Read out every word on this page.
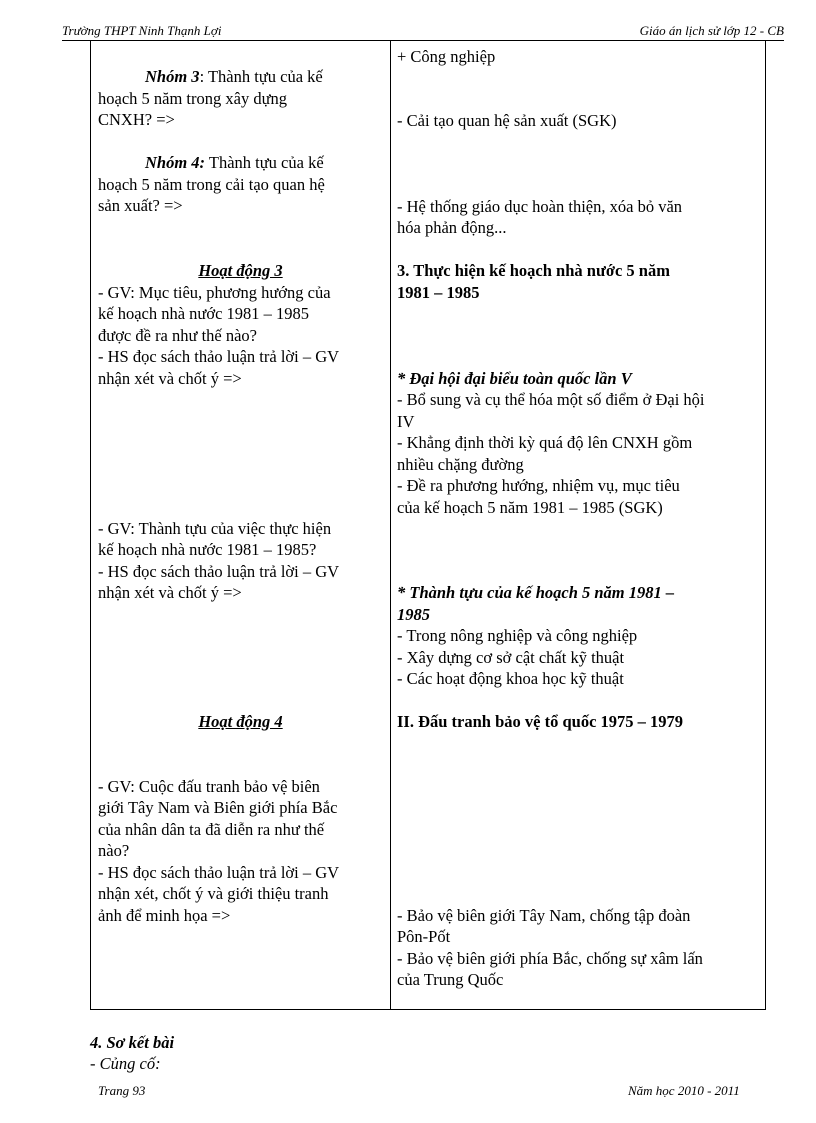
Trường THPT Ninh Thạnh Lợi	Giáo án lịch sử lớp 12 - CB
Nhóm 3: Thành tựu của kế
hoạch 5 năm trong xây dựng
CNXH? =>
Nhóm 4: Thành tựu của kế
hoạch 5 năm trong cải tạo quan hệ
sản xuất? =>
Hoạt động 3
- GV: Mục tiêu, phương hướng của
kế hoạch nhà nước 1981 – 1985
được đề ra như thế nào?
- HS đọc sách thảo luận trả lời – GV
nhận xét và chốt ý =>
- GV: Thành tựu của việc thực hiện
kế hoạch nhà nước 1981 – 1985?
- HS đọc sách thảo luận trả lời – GV
nhận xét và chốt ý =>
Hoạt động 4
- GV: Cuộc đấu tranh bảo vệ biên
giới Tây Nam và Biên giới phía Bắc
của nhân dân ta đã diễn ra như thế
nào?
- HS đọc sách thảo luận trả lời – GV
nhận xét, chốt ý và giới thiệu tranh
ảnh để minh họa =>
+ Công nghiệp
- Cải tạo quan hệ sản xuất (SGK)
- Hệ thống giáo dục hoàn thiện, xóa bỏ văn
hóa phản động...
3. Thực hiện kế hoạch nhà nước 5 năm
1981 – 1985
* Đại hội đại biểu toàn quốc lần V
- Bổ sung và cụ thể hóa một số điểm ở Đại hội
IV
- Khẳng định thời kỳ quá độ lên CNXH gồm
nhiều chặng đường
- Đề ra phương hướng, nhiệm vụ, mục tiêu
của kế hoạch 5 năm 1981 – 1985 (SGK)
* Thành tựu của kế hoạch 5 năm 1981 –
1985
- Trong nông nghiệp và công nghiệp
- Xây dựng cơ sở cật chất kỹ thuật
- Các hoạt động khoa học kỹ thuật
II. Đấu tranh bảo vệ tổ quốc 1975 – 1979
- Bảo vệ biên giới Tây Nam, chống tập đoàn
Pôn-Pốt
- Bảo vệ biên giới phía Bắc, chống sự xâm lấn
của Trung Quốc
4. Sơ kết bài
- Củng cố:
Trang 93	Năm học 2010 - 2011
